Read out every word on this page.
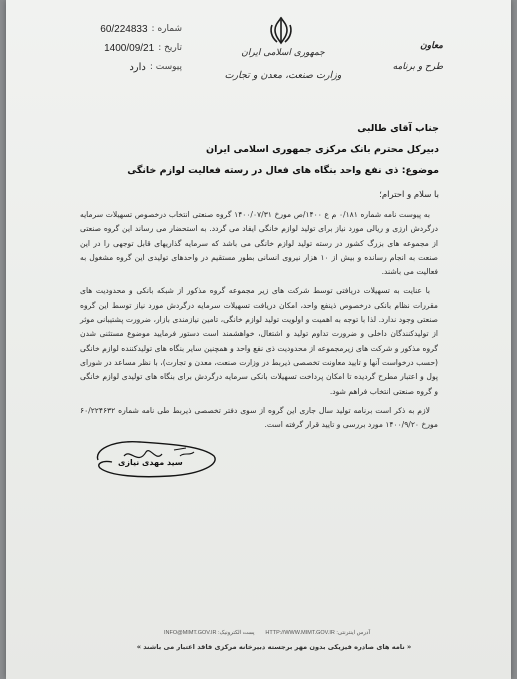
شماره :
60/224833
تاریخ :
1400/09/21
پیوست :
دارد
جمهوری اسلامی ایران
وزارت صنعت، معدن و تجارت
معاون
طرح و برنامه
جناب آقای طالبی
دبیرکل محترم بانک مرکزی جمهوری اسلامی ایران
موضوع: ذی نفع واحد بنگاه های فعال در رسته فعالیت لوازم خانگی
با سلام و احترام؛

به پیوست نامه شماره ۰/۱۸۱ م ع ۱۴۰۰/ص مورخ ۱۴۰۰/۰۷/۳۱ گروه صنعتی انتخاب درخصوص تسهیلات سرمایه درگردش ارزی و ریالی مورد نیاز برای تولید لوازم خانگی ایفاد می گردد. به استحضار می رساند این گروه صنعتی از مجموعه های بزرگ کشور در رسته تولید لوازم خانگی می باشد که سرمایه گذاریهای قابل توجهی را در این صنعت به انجام رسانده و بیش از ۱۰ هزار نیروی انسانی بطور مستقیم در واحدهای تولیدی این گروه مشغول به فعالیت می باشند.

با عنایت به تسهیلات دریافتی توسط شرکت های زیر مجموعه گروه مذکور از شبکه بانکی و محدودیت های مقررات نظام بانکی درخصوص ذینفع واحد، امکان دریافت تسهیلات سرمایه درگردش مورد نیاز توسط این گروه صنعتی وجود ندارد. لذا با توجه به اهمیت و اولویت تولید لوازم خانگی، تامین نیازمندی بازار، ضرورت پشتیبانی موثر از تولیدکنندگان داخلی و ضرورت تداوم تولید و اشتغال، خواهشمند است دستور فرمایید موضوع مستثنی شدن گروه مذکور و شرکت های زیرمجموعه از محدودیت ذی نفع واحد و همچنین سایر بنگاه های تولیدکننده لوازم خانگی (حسب درخواست آنها و تایید معاونت تخصصی ذیربط در وزارت صنعت، معدن و تجارت)، با نظر مساعد در شورای پول و اعتبار مطرح گردیده تا امکان پرداخت تسهیلات بانکی سرمایه درگردش برای بنگاه های تولیدی لوازم خانگی و گروه صنعتی انتخاب فراهم شود.

لازم به ذکر است برنامه تولید سال جاری این گروه از سوی دفتر تخصصی ذیربط طی نامه شماره ۶۰/۲۲۴۶۳۲ مورخ ۱۴۰۰/۹/۲۰ مورد بررسی و تایید قرار گرفته است.

سید مهدی نیازی
INFO@MIMT.GOV.IR :پست الکترونیک HTTP://WWW.MIMT.GOV.IR :آدرس اینترنتی
« نامه های صادره فیزیکی بدون مهر برجسته دبیرخانه مرکزی فاقد اعتبار می باشند »
